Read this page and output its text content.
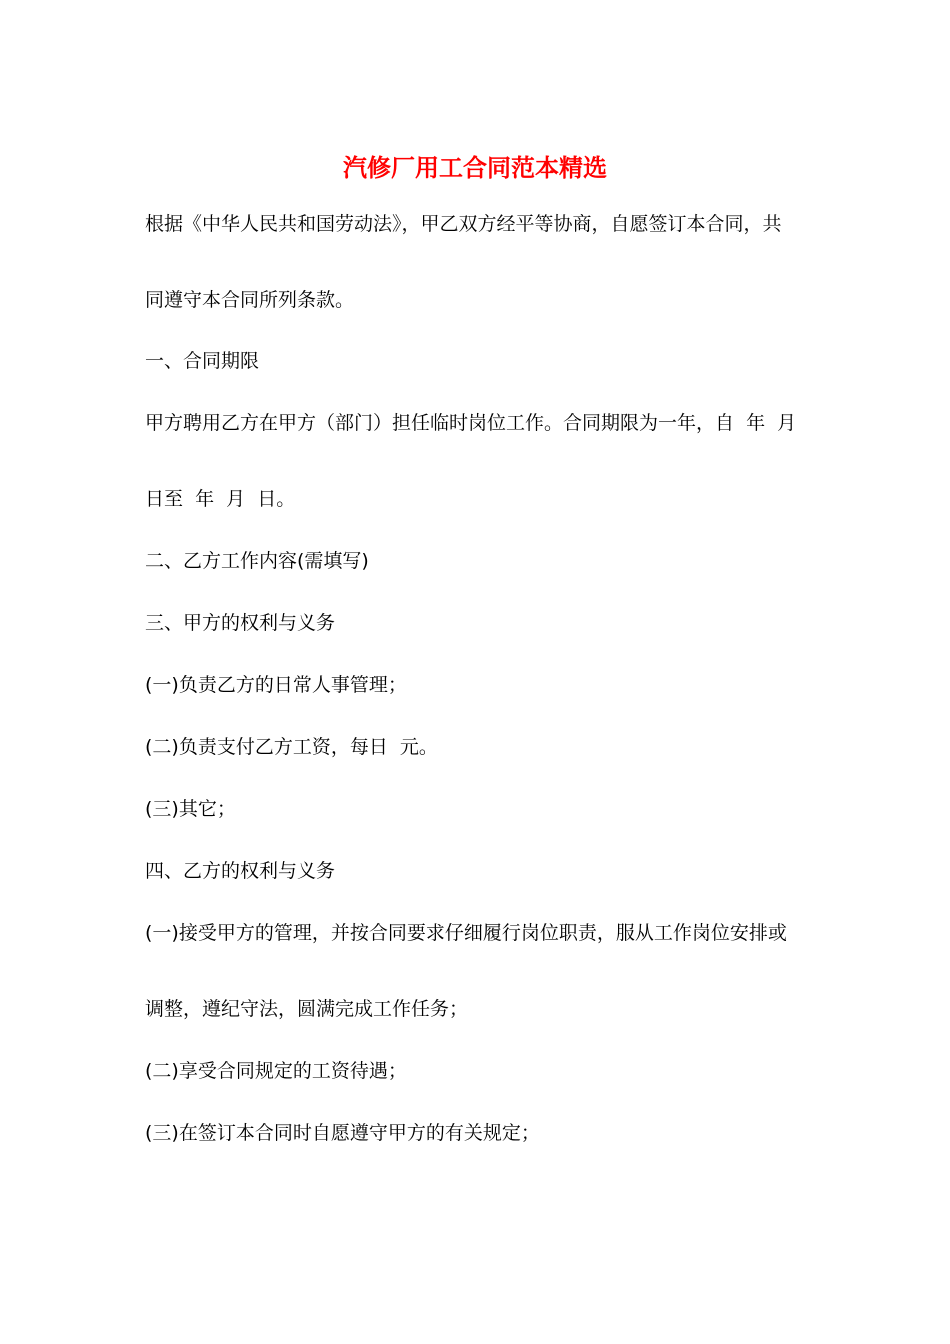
汽修厂用工合同范本精选
根据《中华人民共和国劳动法》，甲乙双方经平等协商，自愿签订本合同，共
同遵守本合同所列条款。
一、合同期限
甲方聘用乙方在甲方（部门）担任临时岗位工作。合同期限为一年，自  年  月
日至  年  月  日。
二、乙方工作内容(需填写)
三、甲方的权利与义务
(一)负责乙方的日常人事管理；
(二)负责支付乙方工资，每日  元。
(三)其它；
四、乙方的权利与义务
(一)接受甲方的管理，并按合同要求仔细履行岗位职责，服从工作岗位安排或
调整，遵纪守法，圆满完成工作任务；
(二)享受合同规定的工资待遇；
(三)在签订本合同时自愿遵守甲方的有关规定；
